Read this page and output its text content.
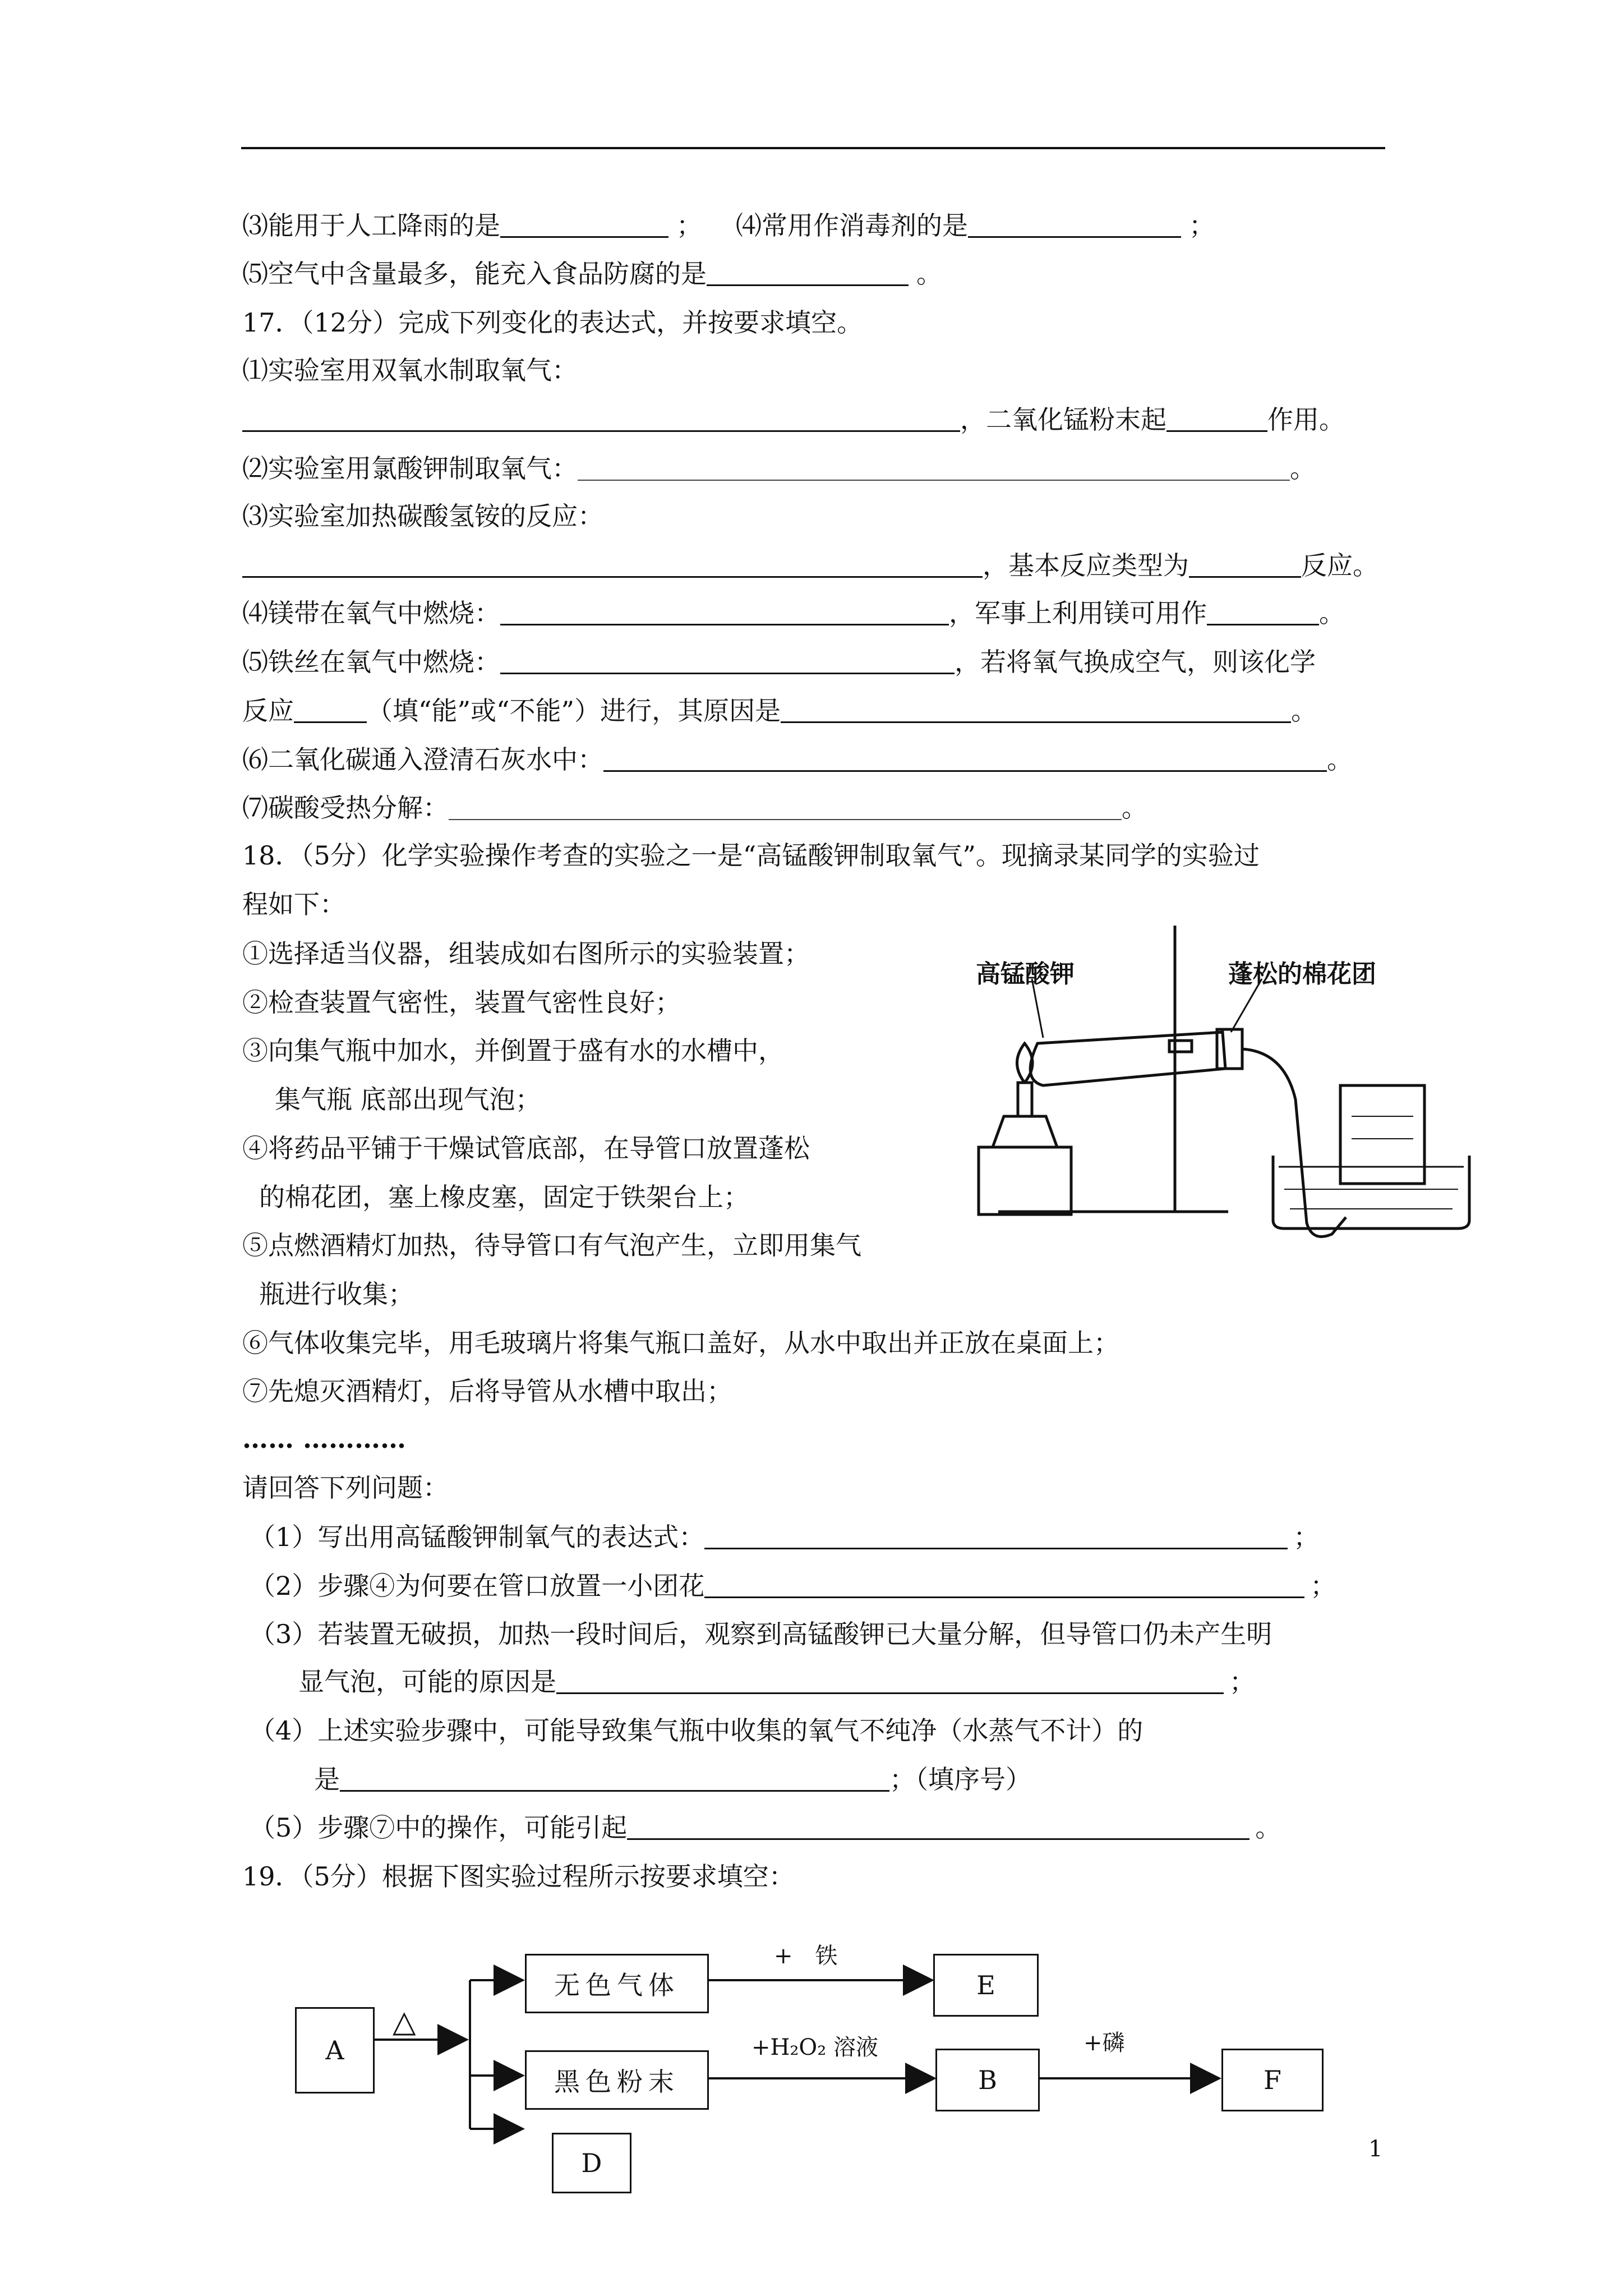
⑶能用于人工降雨的是	； ⑷常用作消毒剂的是	；
⑸空气中含量最多，能充入食品防腐的是	。
17．（12分）完成下列变化的表达式，并按要求填空。
⑴实验室用双氧水制取氧气：
，二氧化锰粉末起	作用。
⑵实验室用氯酸钾制取氧气：	。
⑶实验室加热碳酸氢铵的反应：
，基本反应类型为	反应。
⑷镁带在氧气中燃烧：	，军事上利用镁可用作	。
⑸铁丝在氧气中燃烧：	，若将氧气换成空气，则该化学
反应	（填“能”或“不能”）进行，其原因是	。
⑹二氧化碳通入澄清石灰水中：	。
⑺碳酸受热分解：	。
18．（5分）化学实验操作考查的实验之一是“高锰酸钾制取氧气”。现摘录某同学的实验过
程如下：
①选择适当仪器，组装成如右图所示的实验装置；
②检查装置气密性，装置气密性良好；
③向集气瓶中加水，并倒置于盛有水的水槽中，
集气瓶 底部出现气泡；
④将药品平铺于干燥试管底部，在导管口放置蓬松
的棉花团，塞上橡皮塞，固定于铁架台上；
⑤点燃酒精灯加热，待导管口有气泡产生，立即用集气
瓶进行收集；
⑥气体收集完毕，用毛玻璃片将集气瓶口盖好，从水中取出并正放在桌面上；
⑦先熄灭酒精灯，后将导管从水槽中取出；
…… …………
请回答下列问题：
（1）写出用高锰酸钾制氧气的表达式：	；
（2）步骤④为何要在管口放置一小团花	；
（3）若装置无破损，加热一段时间后，观察到高锰酸钾已大量分解，但导管口仍未产生明
显气泡，可能的原因是	；
（4）上述实验步骤中，可能导致集气瓶中收集的氧气不纯净（水蒸气不计）的
是	；（填序号）
（5）步骤⑦中的操作，可能引起	。
高锰酸钾	蓬松的棉花团
19．（5分）根据下图实验过程所示按要求填空：
A
△
无色气体
黑色粉末
D
E
B	F
+　铁
+H₂O₂ 溶液	+磷
1
